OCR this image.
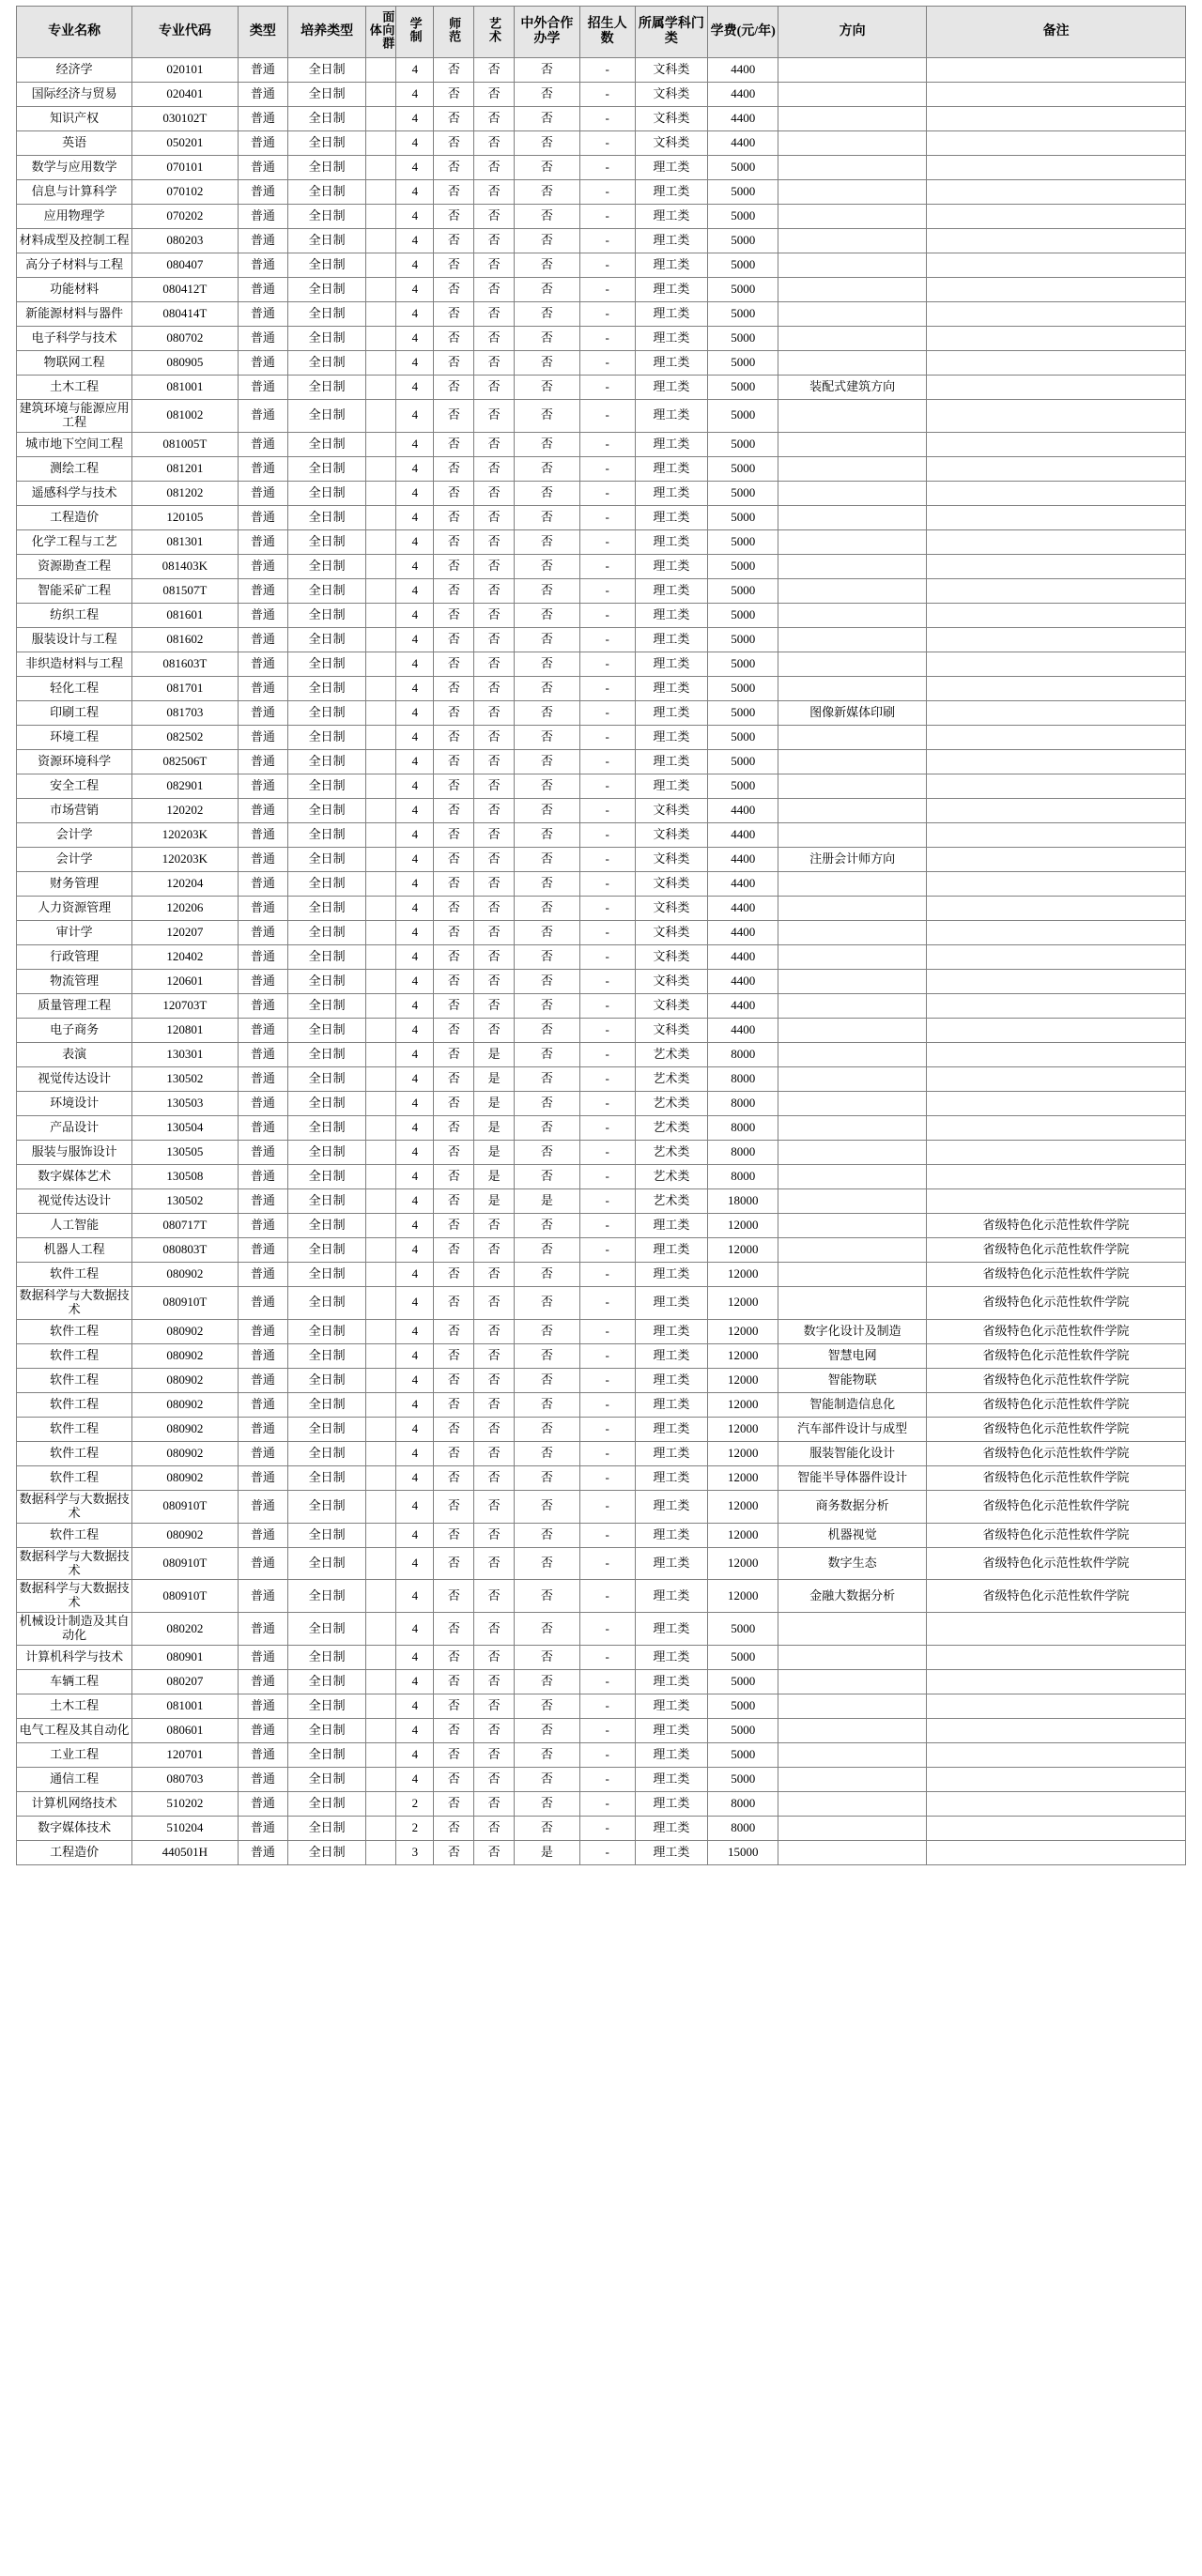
专业名称	专业代码	类型	培养类型	面向群体	学制	师范	艺术	中外合作办学	招生人数	所属学科门类	学费(元/年)	方向	备注
经济学	020101	普通	全日制		4	否	否	否	-	文科类	4400		
国际经济与贸易	020401	普通	全日制		4	否	否	否	-	文科类	4400		
知识产权	030102T	普通	全日制		4	否	否	否	-	文科类	4400		
英语	050201	普通	全日制		4	否	否	否	-	文科类	4400		
数学与应用数学	070101	普通	全日制		4	否	否	否	-	理工类	5000		
信息与计算科学	070102	普通	全日制		4	否	否	否	-	理工类	5000		
应用物理学	070202	普通	全日制		4	否	否	否	-	理工类	5000		
材料成型及控制工程	080203	普通	全日制		4	否	否	否	-	理工类	5000		
高分子材料与工程	080407	普通	全日制		4	否	否	否	-	理工类	5000		
功能材料	080412T	普通	全日制		4	否	否	否	-	理工类	5000		
新能源材料与器件	080414T	普通	全日制		4	否	否	否	-	理工类	5000		
电子科学与技术	080702	普通	全日制		4	否	否	否	-	理工类	5000		
物联网工程	080905	普通	全日制		4	否	否	否	-	理工类	5000		
土木工程	081001	普通	全日制		4	否	否	否	-	理工类	5000	装配式建筑方向	
建筑环境与能源应用工程	081002	普通	全日制		4	否	否	否	-	理工类	5000		
城市地下空间工程	081005T	普通	全日制		4	否	否	否	-	理工类	5000		
测绘工程	081201	普通	全日制		4	否	否	否	-	理工类	5000		
遥感科学与技术	081202	普通	全日制		4	否	否	否	-	理工类	5000		
工程造价	120105	普通	全日制		4	否	否	否	-	理工类	5000		
化学工程与工艺	081301	普通	全日制		4	否	否	否	-	理工类	5000		
资源勘查工程	081403K	普通	全日制		4	否	否	否	-	理工类	5000		
智能采矿工程	081507T	普通	全日制		4	否	否	否	-	理工类	5000		
纺织工程	081601	普通	全日制		4	否	否	否	-	理工类	5000		
服装设计与工程	081602	普通	全日制		4	否	否	否	-	理工类	5000		
非织造材料与工程	081603T	普通	全日制		4	否	否	否	-	理工类	5000		
轻化工程	081701	普通	全日制		4	否	否	否	-	理工类	5000		
印刷工程	081703	普通	全日制		4	否	否	否	-	理工类	5000	图像新媒体印刷	
环境工程	082502	普通	全日制		4	否	否	否	-	理工类	5000		
资源环境科学	082506T	普通	全日制		4	否	否	否	-	理工类	5000		
安全工程	082901	普通	全日制		4	否	否	否	-	理工类	5000		
市场营销	120202	普通	全日制		4	否	否	否	-	文科类	4400		
会计学	120203K	普通	全日制		4	否	否	否	-	文科类	4400		
会计学	120203K	普通	全日制		4	否	否	否	-	文科类	4400	注册会计师方向	
财务管理	120204	普通	全日制		4	否	否	否	-	文科类	4400		
人力资源管理	120206	普通	全日制		4	否	否	否	-	文科类	4400		
审计学	120207	普通	全日制		4	否	否	否	-	文科类	4400		
行政管理	120402	普通	全日制		4	否	否	否	-	文科类	4400		
物流管理	120601	普通	全日制		4	否	否	否	-	文科类	4400		
质量管理工程	120703T	普通	全日制		4	否	否	否	-	文科类	4400		
电子商务	120801	普通	全日制		4	否	否	否	-	文科类	4400		
表演	130301	普通	全日制		4	否	是	否	-	艺术类	8000		
视觉传达设计	130502	普通	全日制		4	否	是	否	-	艺术类	8000		
环境设计	130503	普通	全日制		4	否	是	否	-	艺术类	8000		
产品设计	130504	普通	全日制		4	否	是	否	-	艺术类	8000		
服装与服饰设计	130505	普通	全日制		4	否	是	否	-	艺术类	8000		
数字媒体艺术	130508	普通	全日制		4	否	是	否	-	艺术类	8000		
视觉传达设计	130502	普通	全日制		4	否	是	是	-	艺术类	18000		
人工智能	080717T	普通	全日制		4	否	否	否	-	理工类	12000		省级特色化示范性软件学院
机器人工程	080803T	普通	全日制		4	否	否	否	-	理工类	12000		省级特色化示范性软件学院
软件工程	080902	普通	全日制		4	否	否	否	-	理工类	12000		省级特色化示范性软件学院
数据科学与大数据技术	080910T	普通	全日制		4	否	否	否	-	理工类	12000		省级特色化示范性软件学院
软件工程	080902	普通	全日制		4	否	否	否	-	理工类	12000	数字化设计及制造	省级特色化示范性软件学院
软件工程	080902	普通	全日制		4	否	否	否	-	理工类	12000	智慧电网	省级特色化示范性软件学院
软件工程	080902	普通	全日制		4	否	否	否	-	理工类	12000	智能物联	省级特色化示范性软件学院
软件工程	080902	普通	全日制		4	否	否	否	-	理工类	12000	智能制造信息化	省级特色化示范性软件学院
软件工程	080902	普通	全日制		4	否	否	否	-	理工类	12000	汽车部件设计与成型	省级特色化示范性软件学院
软件工程	080902	普通	全日制		4	否	否	否	-	理工类	12000	服装智能化设计	省级特色化示范性软件学院
软件工程	080902	普通	全日制		4	否	否	否	-	理工类	12000	智能半导体器件设计	省级特色化示范性软件学院
数据科学与大数据技术	080910T	普通	全日制		4	否	否	否	-	理工类	12000	商务数据分析	省级特色化示范性软件学院
软件工程	080902	普通	全日制		4	否	否	否	-	理工类	12000	机器视觉	省级特色化示范性软件学院
数据科学与大数据技术	080910T	普通	全日制		4	否	否	否	-	理工类	12000	数字生态	省级特色化示范性软件学院
数据科学与大数据技术	080910T	普通	全日制		4	否	否	否	-	理工类	12000	金融大数据分析	省级特色化示范性软件学院
机械设计制造及其自动化	080202	普通	全日制		4	否	否	否	-	理工类	5000		
计算机科学与技术	080901	普通	全日制		4	否	否	否	-	理工类	5000		
车辆工程	080207	普通	全日制		4	否	否	否	-	理工类	5000		
土木工程	081001	普通	全日制		4	否	否	否	-	理工类	5000		
电气工程及其自动化	080601	普通	全日制		4	否	否	否	-	理工类	5000		
工业工程	120701	普通	全日制		4	否	否	否	-	理工类	5000		
通信工程	080703	普通	全日制		4	否	否	否	-	理工类	5000		
计算机网络技术	510202	普通	全日制		2	否	否	否	-	理工类	8000		
数字媒体技术	510204	普通	全日制		2	否	否	否	-	理工类	8000		
工程造价	440501H	普通	全日制		3	否	否	是	-	理工类	15000		
